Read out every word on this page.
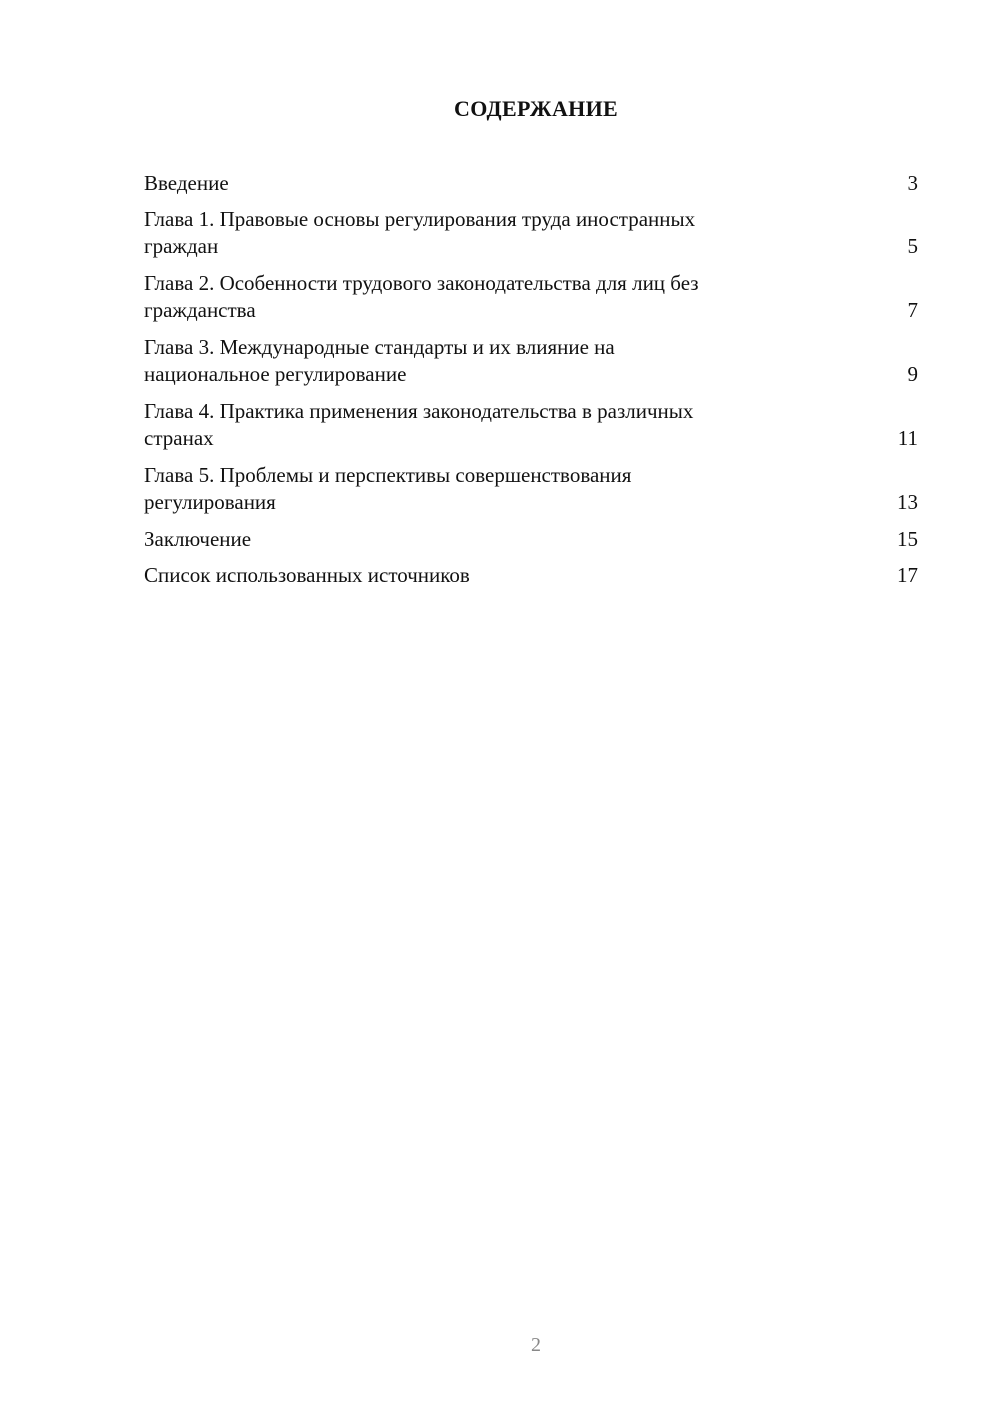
СОДЕРЖАНИЕ
Введение	3
Глава 1. Правовые основы регулирования труда иностранных
граждан	5
Глава 2. Особенности трудового законодательства для лиц без
гражданства	7
Глава 3. Международные стандарты и их влияние на
национальное регулирование	9
Глава 4. Практика применения законодательства в различных
странах	11
Глава 5. Проблемы и перспективы совершенствования
регулирования	13
Заключение	15
Список использованных источников	17
2
